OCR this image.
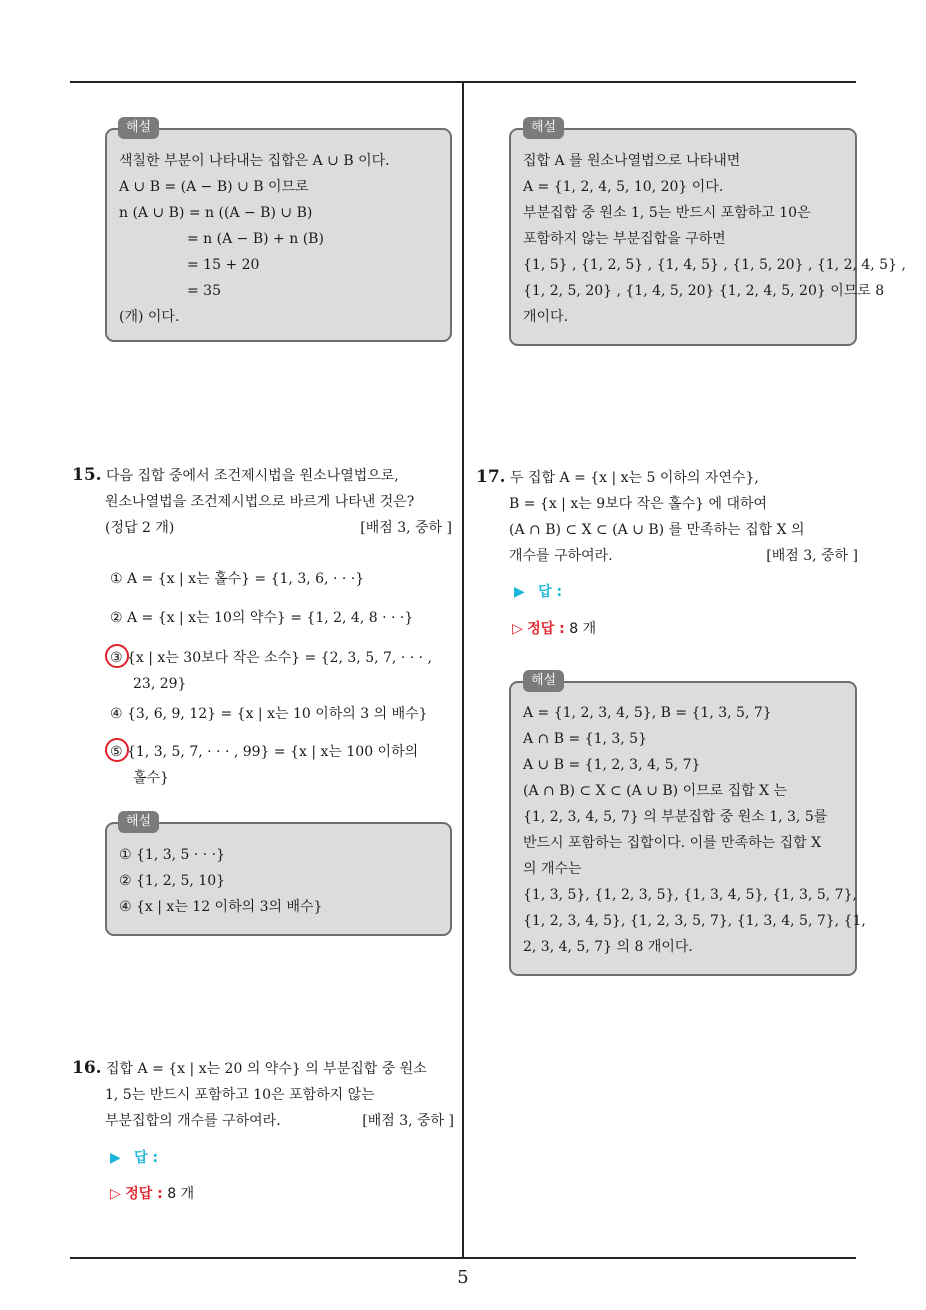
색칠한 부분이 나타내는 집합은 A ∪ B 이다.
A ∪ B = (A − B) ∪ B 이므로
n (A ∪ B) = n ((A − B) ∪ B)
= n (A − B) + n (B)
= 15 + 20
= 35
(개) 이다.
해설
집합 A 를 원소나열법으로 나타내면
A = {1, 2, 4, 5, 10, 20} 이다.
부분집합 중 원소 1, 5는 반드시 포함하고 10은
포함하지 않는 부분집합을 구하면
{1, 5} , {1, 2, 5} , {1, 4, 5} , {1, 5, 20} , {1, 2, 4, 5} ,
{1, 2, 5, 20} , {1, 4, 5, 20} {1, 2, 4, 5, 20} 이므로 8
개이다.
해설
15. 다음 집합 중에서 조건제시법을 원소나열법으로,
원소나열법을 조건제시법으로 바르게 나타낸 것은?
(정답 2 개)	[배점 3, 중하 ]
① A = {x | x는 홀수} = {1, 3, 6, · · ·}
② A = {x | x는 10의 약수} = {1, 2, 4, 8 · · ·}
③ {x | x는 30보다 작은 소수} = {2, 3, 5, 7, · · · ,
23, 29}
④ {3, 6, 9, 12} = {x | x는 10 이하의 3 의 배수}
⑤ {1, 3, 5, 7, · · · , 99} = {x | x는 100 이하의
홀수}
① {1, 3, 5 · · ·}
② {1, 2, 5, 10}
④ {x | x는 12 이하의 3의 배수}
해설
16. 집합 A = {x | x는 20 의 약수} 의 부분집합 중 원소
1, 5는 반드시 포함하고 10은 포함하지 않는
부분집합의 개수를 구하여라.	[배점 3, 중하 ]
▶ 답 :
▷ 정답 : 8 개
17. 두 집합 A = {x | x는 5 이하의 자연수},
B = {x | x는 9보다 작은 홀수} 에 대하여
(A ∩ B) ⊂ X ⊂ (A ∪ B) 를 만족하는 집합 X 의
개수를 구하여라.	[배점 3, 중하 ]
▶ 답 :
▷ 정답 : 8 개
A = {1, 2, 3, 4, 5}, B = {1, 3, 5, 7}
A ∩ B = {1, 3, 5}
A ∪ B = {1, 2, 3, 4, 5, 7}
(A ∩ B) ⊂ X ⊂ (A ∪ B) 이므로 집합 X 는
{1, 2, 3, 4, 5, 7} 의 부분집합 중 원소 1, 3, 5를
반드시 포함하는 집합이다. 이를 만족하는 집합 X
의 개수는
{1, 3, 5}, {1, 2, 3, 5}, {1, 3, 4, 5}, {1, 3, 5, 7},
{1, 2, 3, 4, 5}, {1, 2, 3, 5, 7}, {1, 3, 4, 5, 7}, {1,
2, 3, 4, 5, 7} 의 8 개이다.
해설
5
